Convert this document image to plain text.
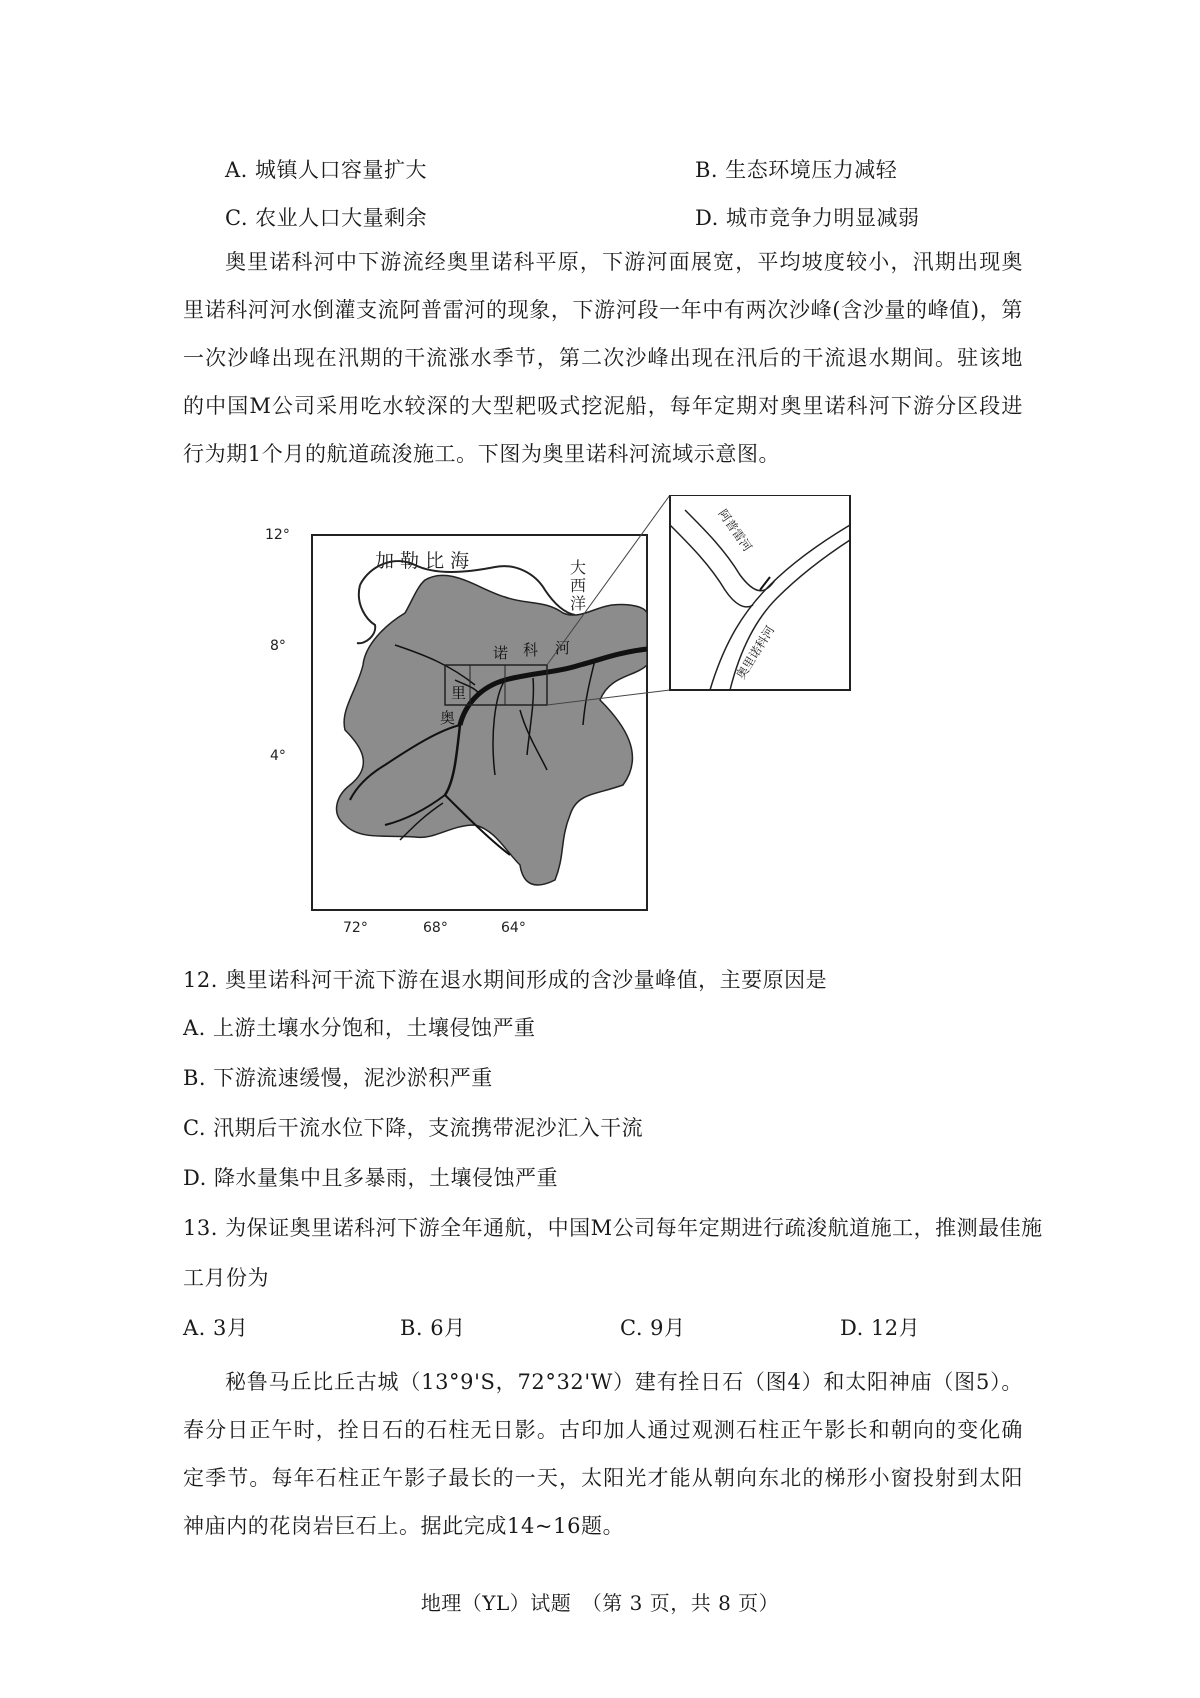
A. 城镇人口容量扩大	B. 生态环境压力减轻
C. 农业人口大量剩余	D. 城市竞争力明显减弱
奥里诺科河中下游流经奥里诺科平原，下游河面展宽，平均坡度较小，汛期出现奥里诺科河河水倒灌支流阿普雷河的现象，下游河段一年中有两次沙峰(含沙量的峰值)，第一次沙峰出现在汛期的干流涨水季节，第二次沙峰出现在汛后的干流退水期间。驻该地的中国M公司采用吃水较深的大型耙吸式挖泥船，每年定期对奥里诺科河下游分区段进行为期1个月的航道疏浚施工。下图为奥里诺科河流域示意图。
阿普雷河
奥里诺科河
12°
8°
4°
72°	68°	64°
加 勒 比 海	大
西
洋
诺 科 河
里
奥
12. 奥里诺科河干流下游在退水期间形成的含沙量峰值，主要原因是
A. 上游土壤水分饱和，土壤侵蚀严重
B. 下游流速缓慢，泥沙淤积严重
C. 汛期后干流水位下降，支流携带泥沙汇入干流
D. 降水量集中且多暴雨，土壤侵蚀严重
13. 为保证奥里诺科河下游全年通航，中国M公司每年定期进行疏浚航道施工，推测最佳施
工月份为
A. 3月	B. 6月	C. 9月	D. 12月
秘鲁马丘比丘古城（13°9'S，72°32'W）建有拴日石（图4）和太阳神庙（图5）。春分日正午时，拴日石的石柱无日影。古印加人通过观测石柱正午影长和朝向的变化确定季节。每年石柱正午影子最长的一天，太阳光才能从朝向东北的梯形小窗投射到太阳神庙内的花岗岩巨石上。据此完成14~16题。
地理（YL）试题　（第 3 页，共 8 页）
